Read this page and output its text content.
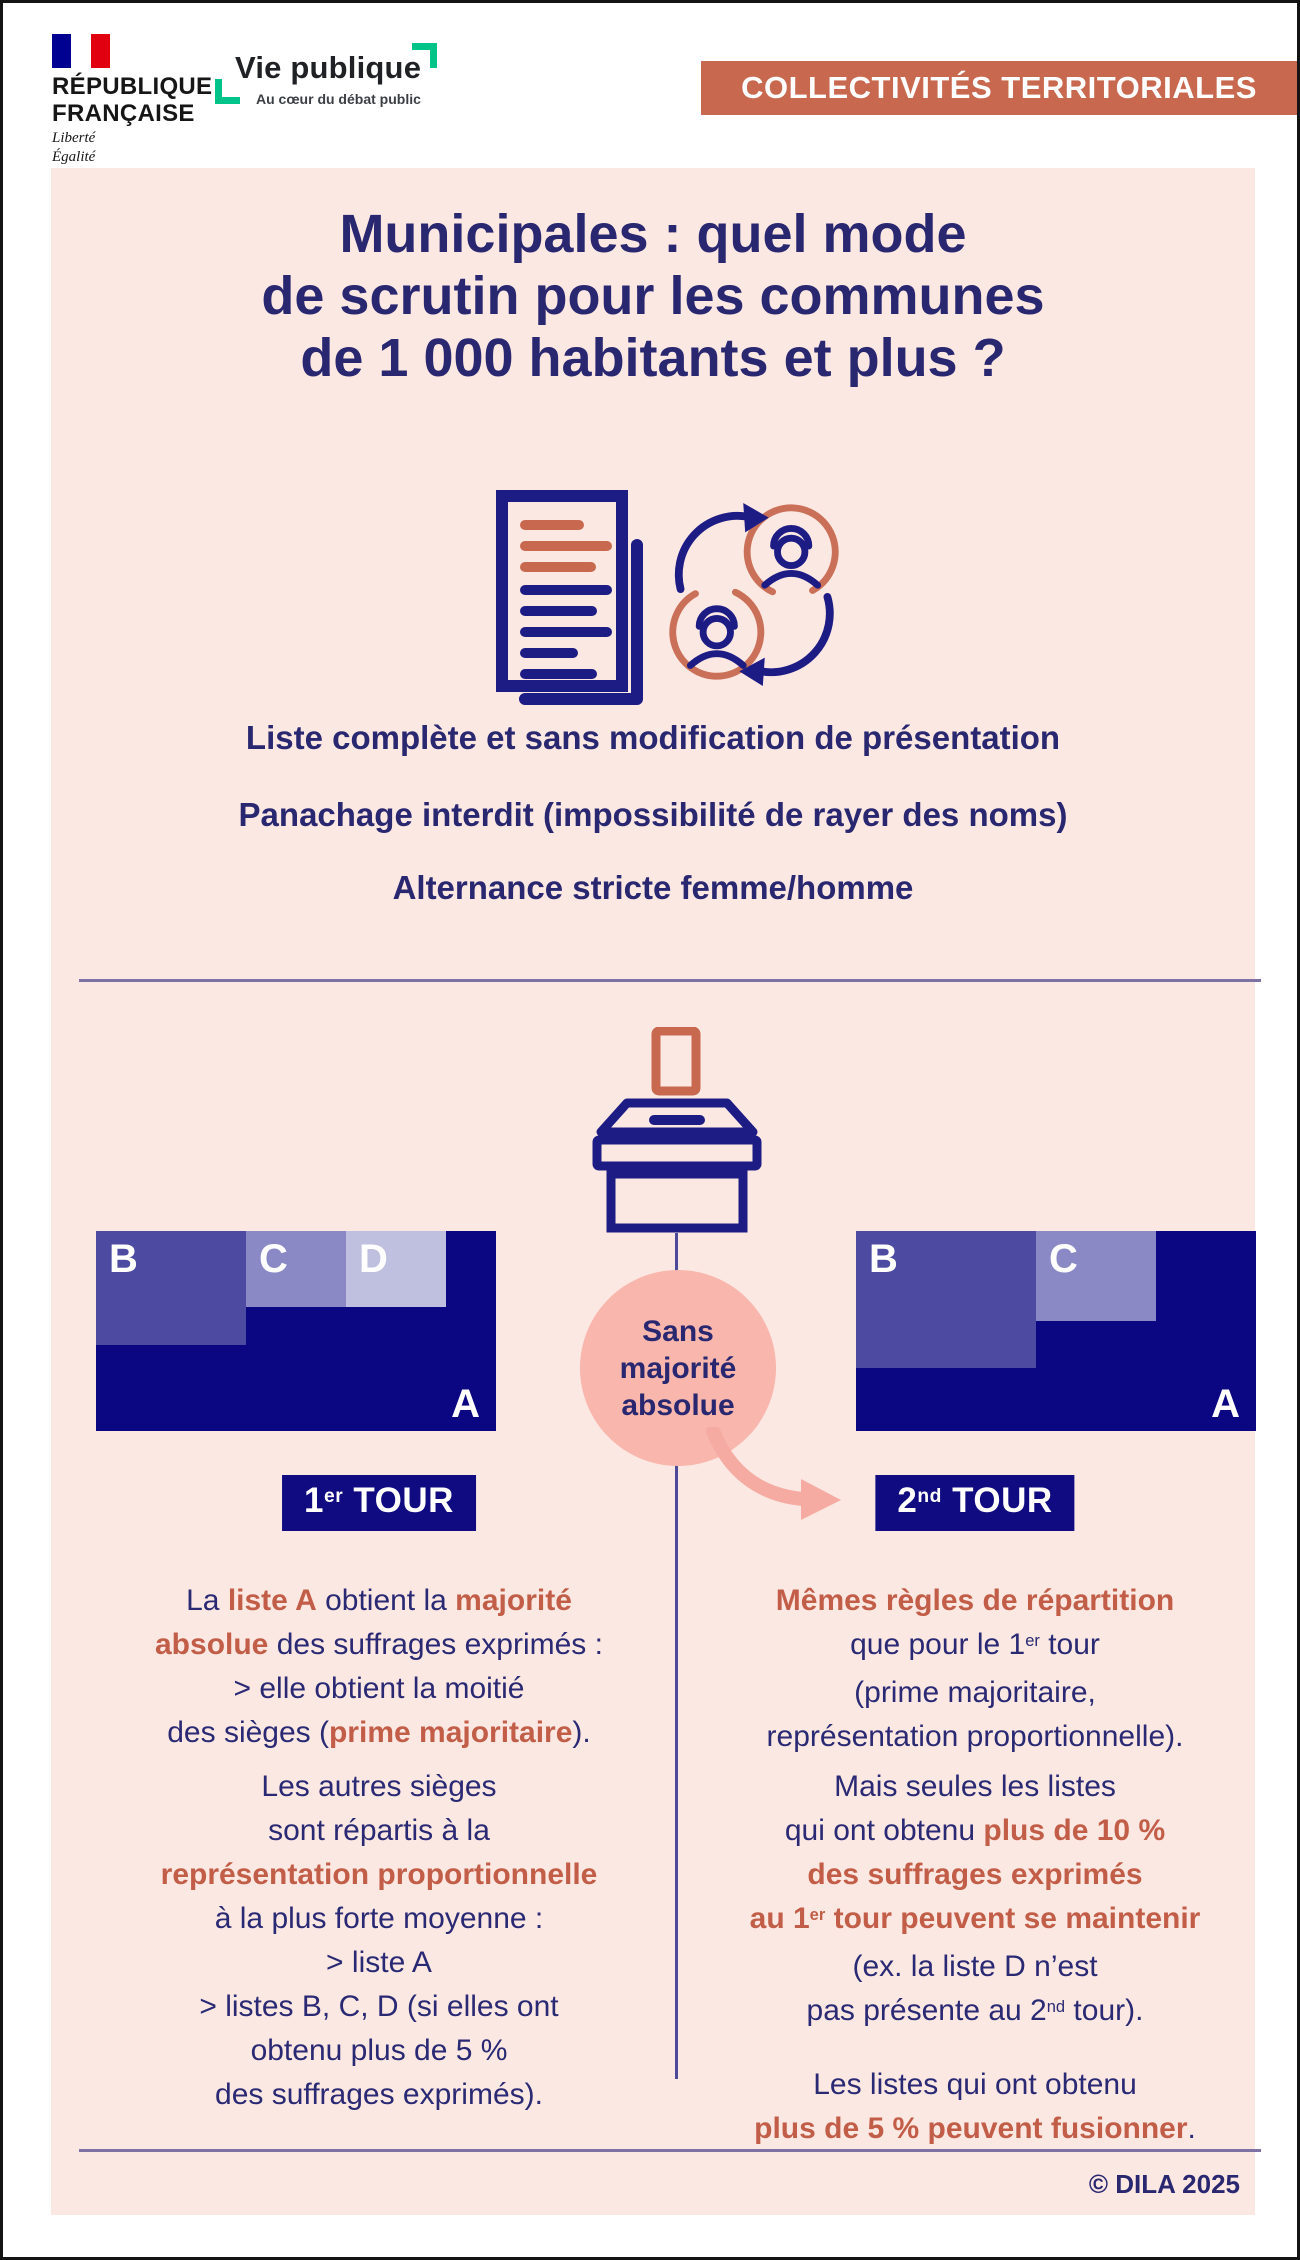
RÉPUBLIQUE
FRANÇAISE
Liberté
Égalité
Vie publique
Au cœur du débat public	COLLECTIVITÉS TERRITORIALES
Municipales : quel mode
de scrutin pour les communes
de 1 000 habitants et plus ?
Liste complète et sans modification de présentation
Panachage interdit (impossibilité de rayer des noms)
Alternance stricte femme/homme
B	C D
A
B	C
A
Sans
majorité
absolue
1er TOUR	2nd TOUR

La liste A obtient la majorité
absolue des suffrages exprimés :
> elle obtient la moitié
des sièges (prime majoritaire).

Les autres sièges
sont répartis à la
représentation proportionnelle
à la plus forte moyenne :
> liste A
> listes B, C, D (si elles ont
obtenu plus de 5 %
des suffrages exprimés).

Mêmes règles de répartition
que pour le 1er tour
(prime majoritaire,
représentation proportionnelle).

Mais seules les listes
qui ont obtenu plus de 10 %
des suffrages exprimés
au 1er tour peuvent se maintenir
(ex. la liste D n’est
pas présente au 2nd tour).

Les listes qui ont obtenu
plus de 5 % peuvent fusionner.

© DILA 2025
